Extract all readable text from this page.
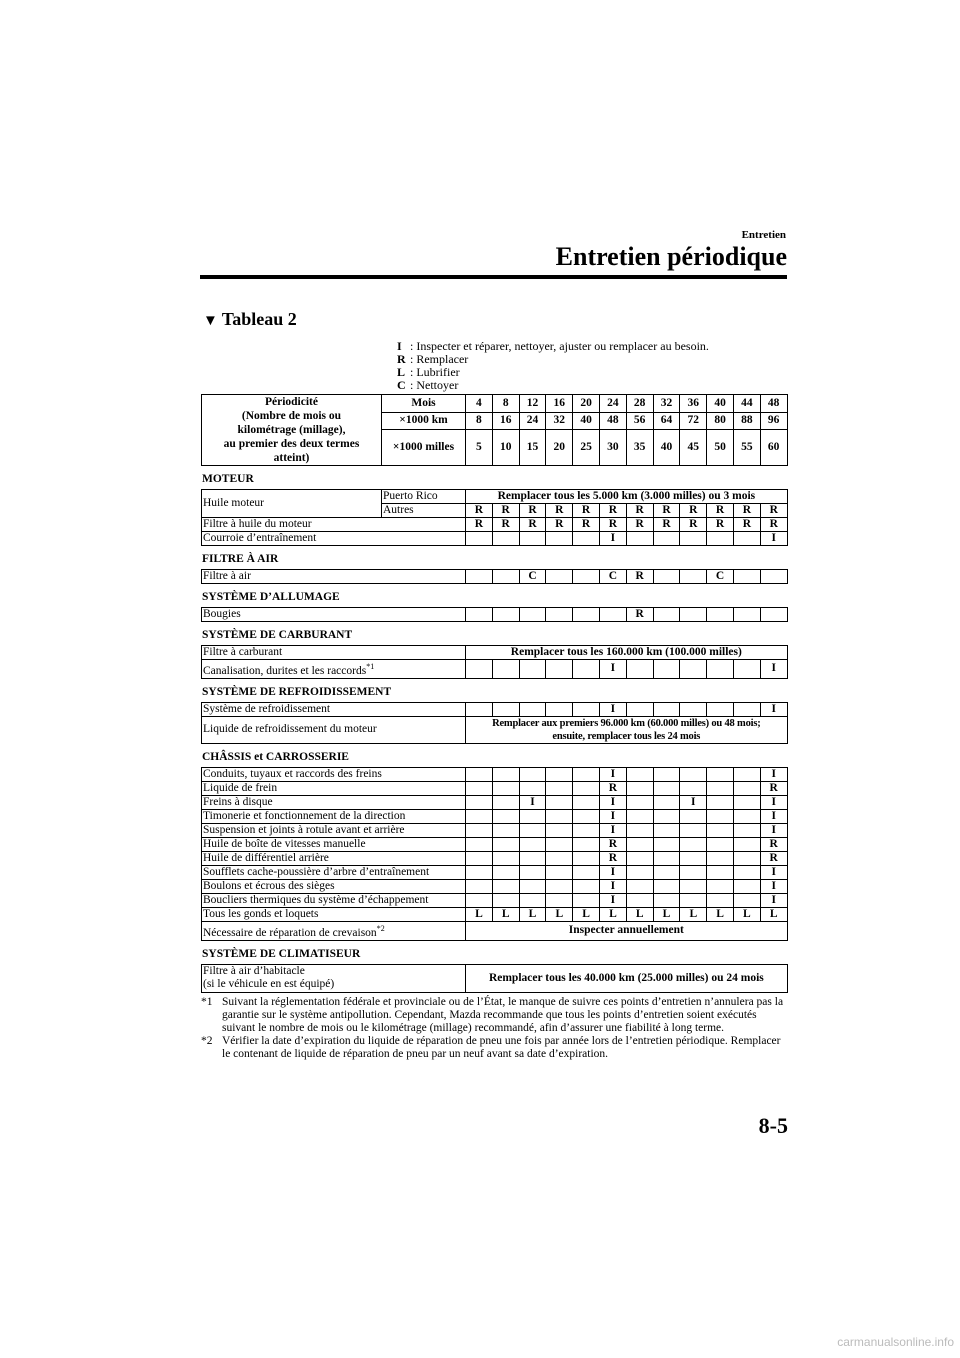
Entretien
Entretien périodique
▼ Tableau 2
I : Inspecter et réparer, nettoyer, ajuster ou remplacer au besoin.
R : Remplacer
L : Lubrifier
C : Nettoyer
Périodicité
(Nombre de mois ou
kilométrage (millage),
au premier des deux termes
atteint)	Mois	4	8	12	16	20	24	28	32	36	40	44	48
	×1000 km	8	16	24	32	40	48	56	64	72	80	88	96
	×1000 milles	5	10	15	20	25	30	35	40	45	50	55	60
MOTEUR
Huile moteur	Puerto Rico	Remplacer tous les 5.000 km (3.000 milles) ou 3 mois											
	Autres	R	R	R	R	R	R	R	R	R	R	R	R
Filtre à huile du moteur		R	R	R	R	R	R	R	R	R	R	R	R
Courroie d’entraînement							I						I
FILTRE À AIR
Filtre à air			C			C	R			C		
SYSTÈME D’ALLUMAGE
Bougies							R					
SYSTÈME DE CARBURANT
Filtre à carburant	Remplacer tous les 160.000 km (100.000 milles)											
Canalisation, durites et les raccords$^{*1}$						I						I
SYSTÈME DE REFROIDISSEMENT
Système de refroidissement						I						I
Liquide de refroidissement du moteur	Remplacer aux premiers 96.000 km (60.000 milles) ou 48 mois;
ensuite, remplacer tous les 24 mois											
CHÂSSIS et CARROSSERIE
Conduits, tuyaux et raccords des freins						I						I
Liquide de frein						R						R
Freins à disque			I			I			I			I
Timonerie et fonctionnement de la direction						I						I
Suspension et joints à rotule avant et arrière						I						I
Huile de boîte de vitesses manuelle						R						R
Huile de différentiel arrière						R						R
Soufflets cache-poussière d’arbre d’entraînement						I						I
Boulons et écrous des sièges						I						I
Boucliers thermiques du système d’échappement						I						I
Tous les gonds et loquets	L	L	L	L	L	L	L	L	L	L	L	L
Nécessaire de réparation de crevaison$^{*2}$	Inspecter annuellement											
SYSTÈME DE CLIMATISEUR
Filtre à air d’habitacle
(si le véhicule en est équipé)	Remplacer tous les 40.000 km (25.000 milles) ou 24 mois
*1 Suivant la réglementation fédérale et provinciale ou de l’État, le manque de suivre ces points d’entretien n’annulera pas la garantie sur le système antipollution. Cependant, Mazda recommande que tous les points d’entretien soient exécutés suivant le nombre de mois ou le kilométrage (millage) recommandé, afin d’assurer une fiabilité à long terme.
*2 Vérifier la date d’expiration du liquide de réparation de pneu une fois par année lors de l’entretien périodique. Remplacer le contenant de liquide de réparation de pneu par un neuf avant sa date d’expiration.
8-5
carmanualsonline.info
